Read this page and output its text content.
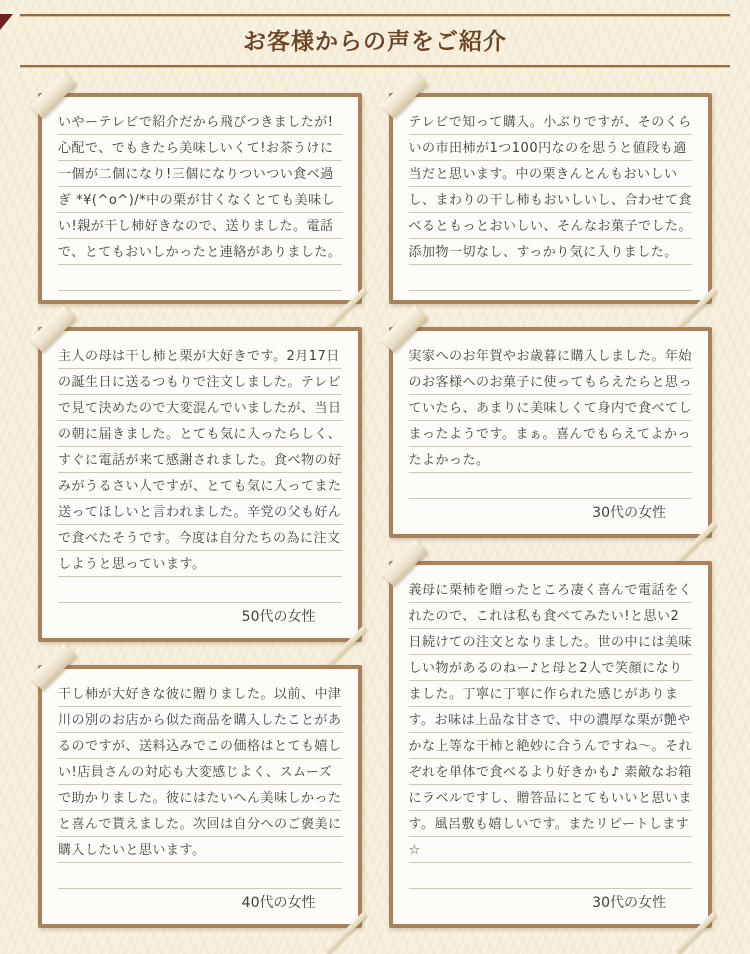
お客様からの声をご紹介

いやーテレビで紹介だから飛びつきましたが!心配で、でもきたら美味しいくて!お茶うけに一個が二個になり!三個になりついつい食べ過ぎ *¥(^o^)/*中の栗が甘くなくとても美味しい!親が干し柿好きなので、送りました。電話で、とてもおいしかったと連絡がありました。

主人の母は干し柿と栗が大好きです。2月17日の誕生日に送るつもりで注文しました。テレビで見て決めたので大変混んでいましたが、当日の朝に届きました。とても気に入ったらしく、すぐに電話が来て感謝されました。食べ物の好みがうるさい人ですが、とても気に入ってまた送ってほしいと言われました。辛党の父も好んで食べたそうです。今度は自分たちの為に注文しようと思っています。

50代の女性

干し柿が大好きな彼に贈りました。以前、中津川の別のお店から似た商品を購入したことがあるのですが、送料込みでこの価格はとても嬉しい!店員さんの対応も大変感じよく、スムーズで助かりました。彼にはたいへん美味しかったと喜んで貰えました。次回は自分へのご褒美に購入したいと思います。

40代の女性

テレビで知って購入。小ぶりですが、そのくらいの市田柿が1つ100円なのを思うと値段も適当だと思います。中の栗きんとんもおいしいし、まわりの干し柿もおいしいし、合わせて食べるともっとおいしい、そんなお菓子でした。添加物一切なし、すっかり気に入りました。

実家へのお年賀やお歳暮に購入しました。年始のお客様へのお菓子に使ってもらえたらと思っていたら、あまりに美味しくて身内で食べてしまったようです。まぁ。喜んでもらえてよかったよかった。

30代の女性

義母に栗柿を贈ったところ凄く喜んで電話をくれたので、これは私も食べてみたい!と思い2日続けての注文となりました。世の中には美味しい物があるのねー♪と母と2人で笑顔になりました。丁寧に丁寧に作られた感じがあります。お味は上品な甘さで、中の濃厚な栗が艶やかな上等な干柿と絶妙に合うんですね～。それぞれを単体で食べるより好きかも♪ 素敵なお箱にラベルですし、贈答品にとてもいいと思います。風呂敷も嬉しいです。またリピートします☆

30代の女性
